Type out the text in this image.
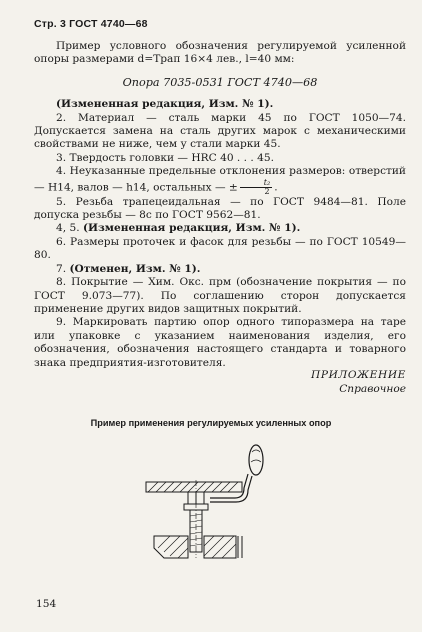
Стр. 3 ГОСТ 4740—68

Пример условного обозначения регулируемой усиленной опоры размерами d=Трап 16×4 лев., l=40 мм:

Опора 7035-0531 ГОСТ 4740—68

(Измененная редакция, Изм. № 1).

2. Материал — сталь марки 45 по ГОСТ 1050—74. Допускается замена на сталь других марок с механическими свойствами не ниже, чем у стали марки 45.

3. Твердость головки — HRC 40 . . . 45.

4. Неуказанные предельные отклонения размеров: отверстий — H14, валов — h14, остальных — ± $\frac{\text{t₂}}{2}$ .

5. Резьба трапецеидальная — по ГОСТ 9484—81. Поле допуска резьбы — 8с по ГОСТ 9562—81.

4, 5. (Измененная редакция, Изм. № 1).

6. Размеры проточек и фасок для резьбы — по ГОСТ 10549—80.

7. (Отменен, Изм. № 1).

8. Покрытие — Хим. Окс. прм (обозначение покрытия — по ГОСТ 9.073—77). По соглашению сторон допускается применение других видов защитных покрытий.

9. Маркировать партию опор одного типоразмера на таре или упаковке с указанием наименования изделия, его обозначения, обозначения настоящего стандарта и товарного знака предприятия-изготовителя.

ПРИЛОЖЕНИЕ
Справочное
Пример применения регулируемых усиленных опор
154
